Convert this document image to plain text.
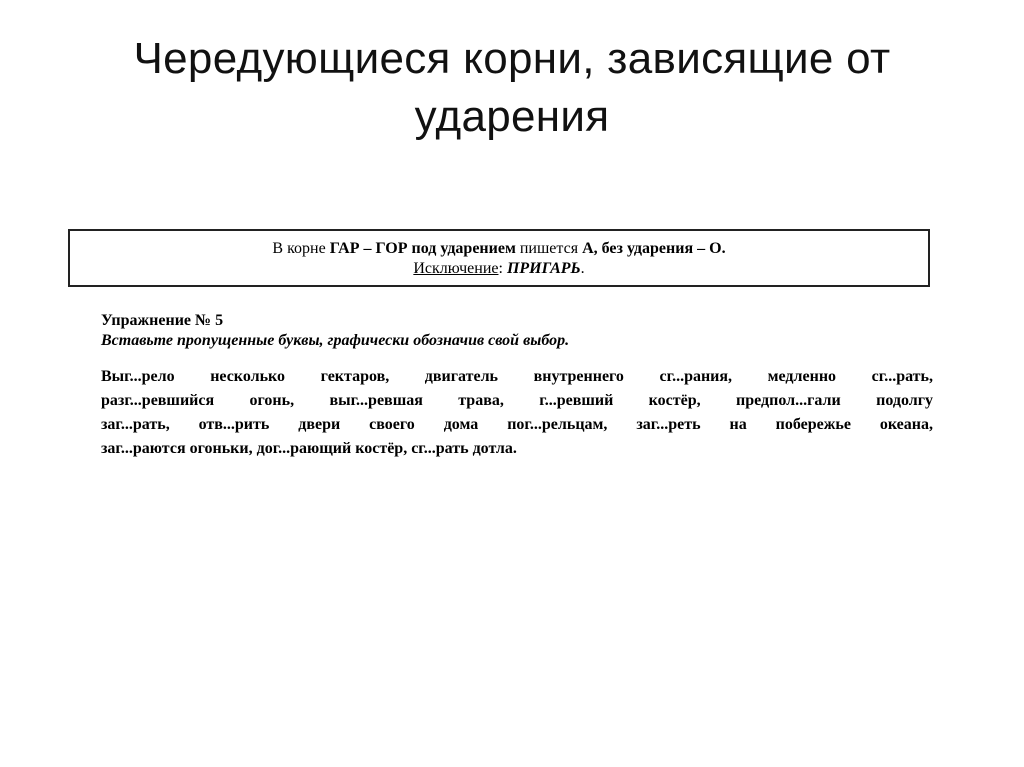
Чередующиеся корни, зависящие от
ударения
В корне ГАР – ГОР под ударением пишется А, без ударения – О.
Исключение: ПРИГАРЬ.

Упражнение № 5

Вставьте пропущенные буквы, графически обозначив свой выбор.

Выг...рело несколько гектаров, двигатель внутреннего сг...рания, медленно сг...рать,
разг...ревшийся огонь, выг...ревшая трава, г...ревший костёр, предпол...гали подолгу
заг...рать, отв...рить двери своего дома пог...рельцам, заг...реть на побережье океана,
заг...раются огоньки, дог...рающий костёр, сг...рать дотла.
